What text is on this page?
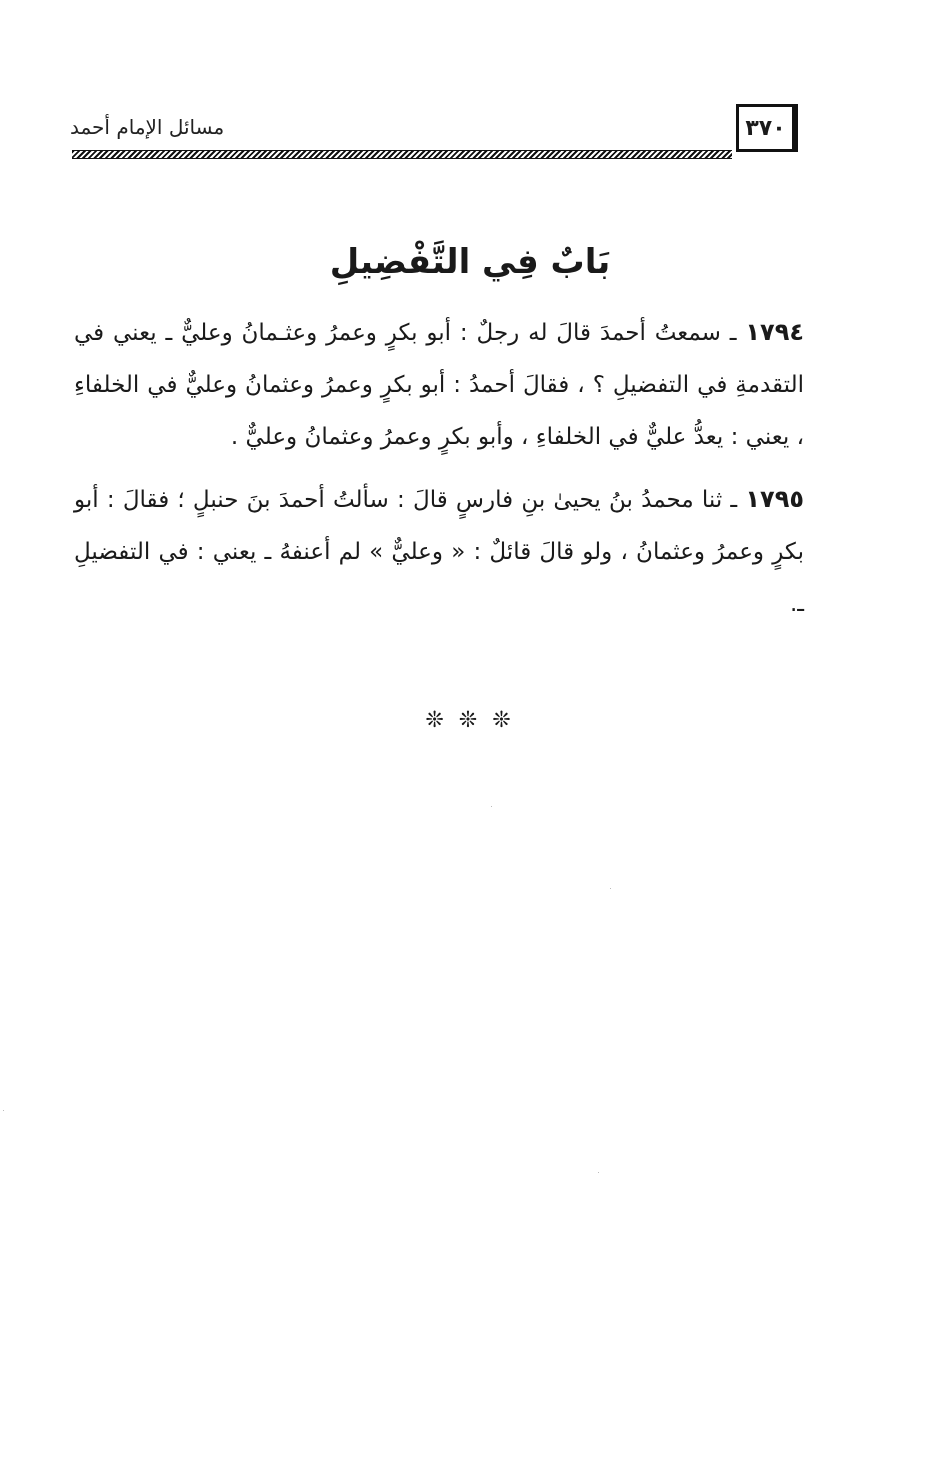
مسائل الإمام أحمد	٣٧٠
بَابٌ فِي التَّفْضِيلِ

١٧٩٤ ـ سمعتُ أحمدَ قالَ له رجلٌ : أبو بكرٍ وعمرُ وعثـمانُ وعليٌّ ـ يعني في التقدمةِ في التفضيلِ ؟ ، فقالَ أحمدُ : أبو بكرٍ وعمرُ وعثمانُ وعليٌّ في الخلفاءِ ، يعني : يعدُّ عليٌّ في الخلفاءِ ، وأبو بكرٍ وعمرُ وعثمانُ وعليٌّ .

١٧٩٥ ـ ثنا محمدُ بنُ يحيىٰ بنِ فارسٍ قالَ : سألتُ أحمدَ بنَ حنبلٍ ؛ فقالَ : أبو بكرٍ وعمرُ وعثمانُ ، ولو قالَ قائلٌ : « وعليٌّ » لم أعنفهُ ـ يعني : في التفضيلِ ـ.

❊ ❊ ❊
